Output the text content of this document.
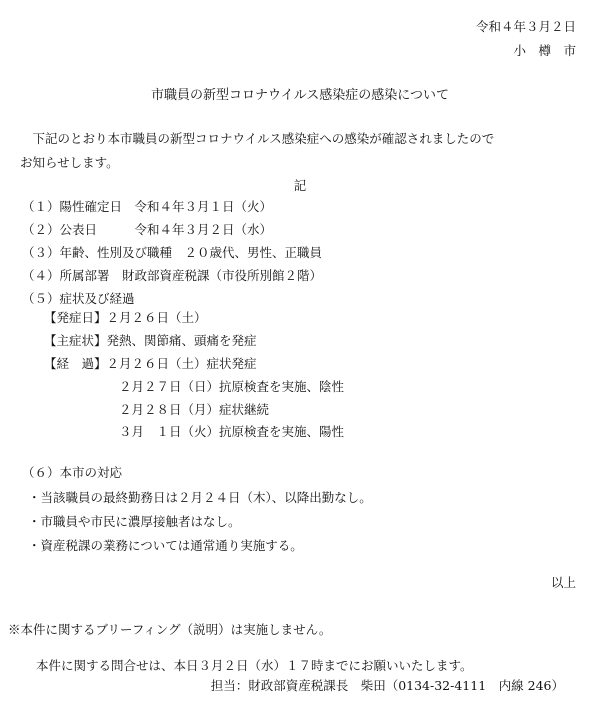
令和４年３月２日
小　樽　市
市職員の新型コロナウイルス感染症の感染について
　下記のとおり本市職員の新型コロナウイルス感染症への感染が確認されましたので
お知らせします。
記
（１）陽性確定日　令和４年３月１日（火）
（２）公表日　　　令和４年３月２日（水）
（３）年齢、性別及び職種　２０歳代、男性、正職員
（４）所属部署　財政部資産税課（市役所別館２階）
（５）症状及び経過
【発症日】２月２６日（土）
【主症状】発熱、関節痛、頭痛を発症
【経　過】２月２６日（土）症状発症
２月２７日（日）抗原検査を実施、陰性
２月２８日（月）症状継続
３月　１日（火）抗原検査を実施、陽性
（６）本市の対応
・当該職員の最終勤務日は２月２４日（木）、以降出勤なし。
・市職員や市民に濃厚接触者はなし。
・資産税課の業務については通常通り実施する。
以上
※本件に関するブリーフィング（説明）は実施しません。
本件に関する問合せは、本日３月２日（水）１７時までにお願いいたします。
担当：財政部資産税課長　柴田（0134-32-4111　内線 246）
